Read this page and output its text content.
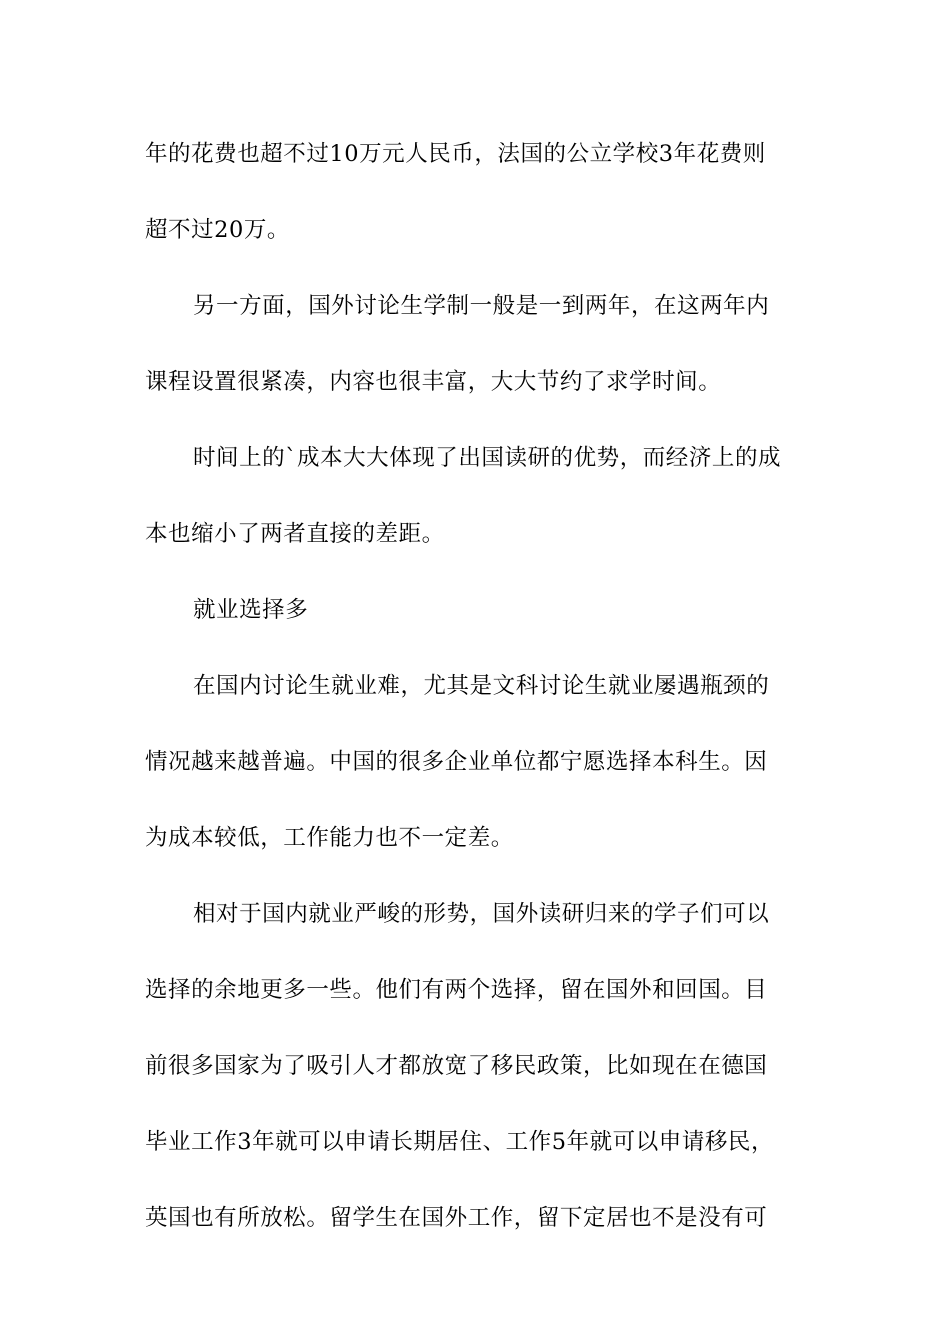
年的花费也超不过10万元人民币，法国的公立学校3年花费则
超不过20万。
另一方面，国外讨论生学制一般是一到两年，在这两年内
课程设置很紧凑，内容也很丰富，大大节约了求学时间。
时间上的`成本大大体现了出国读研的优势，而经济上的成
本也缩小了两者直接的差距。
就业选择多
在国内讨论生就业难，尤其是文科讨论生就业屡遇瓶颈的
情况越来越普遍。中国的很多企业单位都宁愿选择本科生。因
为成本较低，工作能力也不一定差。
相对于国内就业严峻的形势，国外读研归来的学子们可以
选择的余地更多一些。他们有两个选择，留在国外和回国。目
前很多国家为了吸引人才都放宽了移民政策，比如现在在德国
毕业工作3年就可以申请长期居住、工作5年就可以申请移民，
英国也有所放松。留学生在国外工作，留下定居也不是没有可
